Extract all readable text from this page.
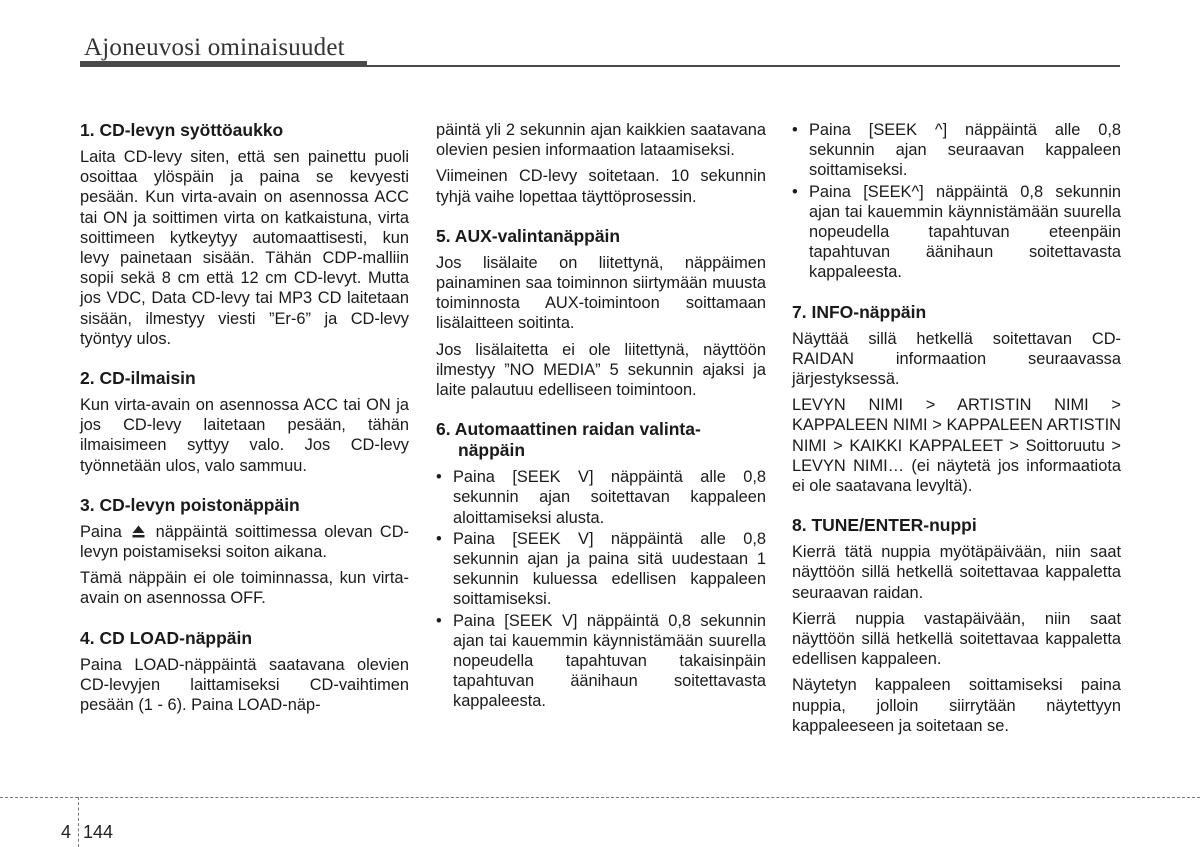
Ajoneuvosi ominaisuudet
1. CD-levyn syöttöaukko
Laita CD-levy siten, että sen painettu puoli osoittaa ylöspäin ja paina se kevyesti pesään. Kun virta-avain on asennossa ACC tai ON ja soittimen virta on katkaistuna, virta soittimeen kytkeytyy automaattisesti, kun levy painetaan sisään. Tähän CDP-malliin sopii sekä 8 cm että 12 cm CD-levyt. Mutta jos VDC, Data CD-levy tai MP3 CD laitetaan sisään, ilmestyy viesti ”Er-6” ja CD-levy työntyy ulos.
2. CD-ilmaisin
Kun virta-avain on asennossa ACC tai ON ja jos CD-levy laitetaan pesään, tähän ilmaisimeen syttyy valo. Jos CD-levy työnnetään ulos, valo sammuu.
3. CD-levyn poistonäppäin
Paina näppäintä soittimessa olevan CD-levyn poistamiseksi soiton aikana.
Tämä näppäin ei ole toiminnassa, kun virta-avain on asennossa OFF.
4. CD LOAD-näppäin
Paina LOAD-näppäintä saatavana olevien CD-levyjen laittamiseksi CD-vaihtimen pesään (1 - 6). Paina LOAD-näp-
päintä yli 2 sekunnin ajan kaikkien saatavana olevien pesien informaation lataamiseksi.
Viimeinen CD-levy soitetaan. 10 sekunnin tyhjä vaihe lopettaa täyttöprosessin.
5. AUX-valintanäppäin
Jos lisälaite on liitettynä, näppäimen painaminen saa toiminnon siirtymään muusta toiminnosta AUX-toimintoon soittamaan lisälaitteen soitinta.
Jos lisälaitetta ei ole liitettynä, näyttöön ilmestyy ”NO MEDIA” 5 sekunnin ajaksi ja laite palautuu edelliseen toimintoon.
6. Automaattinen raidan valinta-
näppäin
• Paina [SEEK V] näppäintä alle 0,8 sekunnin ajan soitettavan kappaleen aloittamiseksi alusta.
• Paina [SEEK V] näppäintä alle 0,8 sekunnin ajan ja paina sitä uudestaan 1 sekunnin kuluessa edellisen kappaleen soittamiseksi.
• Paina [SEEK V] näppäintä 0,8 sekunnin ajan tai kauemmin käynnistämään suurella nopeudella tapahtuvan takaisinpäin tapahtuvan äänihaun soitettavasta kappaleesta.
• Paina [SEEK ^] näppäintä alle 0,8 sekunnin ajan seuraavan kappaleen soittamiseksi.
• Paina [SEEK^] näppäintä 0,8 sekunnin ajan tai kauemmin käynnistämään suurella nopeudella tapahtuvan eteenpäin tapahtuvan äänihaun soitettavasta kappaleesta.
7. INFO-näppäin
Näyttää sillä hetkellä soitettavan CD-RAIDAN informaation seuraavassa järjestyksessä.
LEVYN NIMI > ARTISTIN NIMI > KAPPALEEN NIMI > KAPPALEEN ARTISTIN NIMI > KAIKKI KAPPALEET > Soittoruutu > LEVYN NIMI… (ei näytetä jos informaatiota ei ole saatavana levyltä).
8. TUNE/ENTER-nuppi
Kierrä tätä nuppia myötäpäivään, niin saat näyttöön sillä hetkellä soitettavaa kappaletta seuraavan raidan.
Kierrä nuppia vastapäivään, niin saat näyttöön sillä hetkellä soitettavaa kappaletta edellisen kappaleen.
Näytetyn kappaleen soittamiseksi paina nuppia, jolloin siirrytään näytettyyn kappaleeseen ja soitetaan se.
4 144
